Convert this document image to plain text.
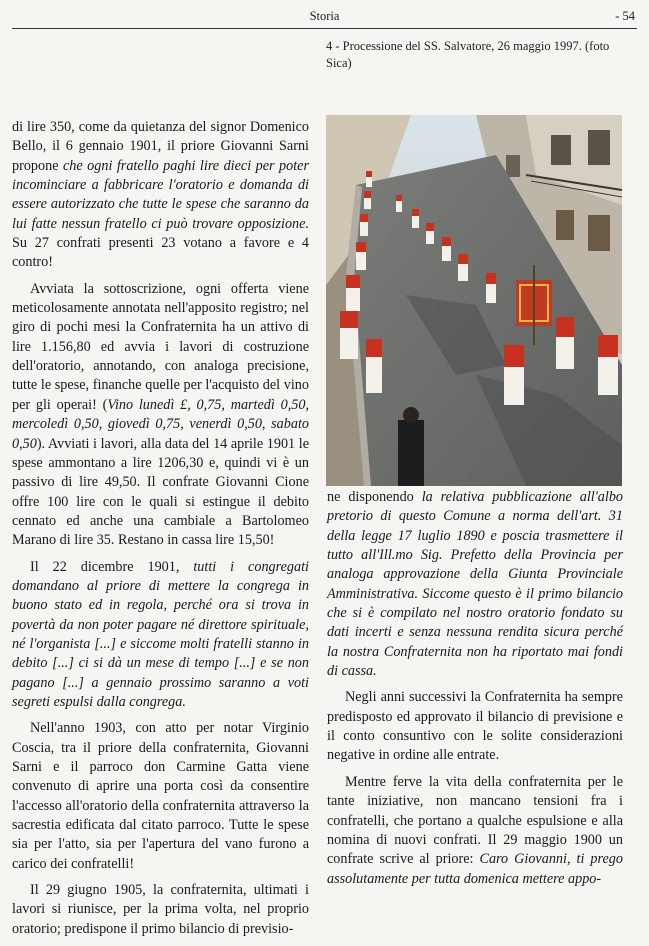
Storia	- 54
4 - Processione del SS. Salvatore, 26 maggio 1997. (foto Sica)

di lire 350, come da quietanza del signor Domenico Bello, il 6 gennaio 1901, il priore Giovanni Sarni propone che ogni fratello paghi lire dieci per poter incominciare a fabbricare l'oratorio e domanda di essere autorizzato che tutte le spese che saranno da lui fatte nessun fratello ci può trovare opposizione. Su 27 confrati presenti 23 votano a favore e 4 contro!

Avviata la sottoscrizione, ogni offerta viene meticolosamente annotata nell'apposito registro; nel giro di pochi mesi la Confraternita ha un attivo di lire 1.156,80 ed avvia i lavori di costruzione dell'oratorio, annotando, con analoga precisione, tutte le spese, finanche quelle per l'acquisto del vino per gli operai! (Vino lunedì £, 0,75, martedì 0,50, mercoledì 0,50, giovedì 0,75, venerdì 0,50, sabato 0,50). Avviati i lavori, alla data del 14 aprile 1901 le spese ammontano a lire 1206,30 e, quindi vi è un passivo di lire 49,50. Il confrate Giovanni Cione offre 100 lire con le quali si estingue il debito cennato ed anche una cambiale a Bartolomeo Marano di lire 35. Restano in cassa lire 15,50!

Il 22 dicembre 1901, tutti i congregati domandano al priore di mettere la congrega in buono stato ed in regola, perché ora si trova in povertà da non poter pagare né direttore spirituale, né l'organista [...] e siccome molti fratelli stanno in debito [...] ci si dà un mese di tempo [...] e se non pagano [...] a gennaio prossimo saranno a voti segreti espulsi dalla congrega.

Nell'anno 1903, con atto per notar Virginio Coscia, tra il priore della confraternita, Giovanni Sarni e il parroco don Carmine Gatta viene convenuto di aprire una porta così da consentire l'accesso all'oratorio della confraternita attraverso la sacrestia edificata dal citato parroco. Tutte le spese sia per l'atto, sia per l'apertura del vano furono a carico dei confratelli!

Il 29 giugno 1905, la confraternita, ultimati i lavori si riunisce, per la prima volta, nel proprio oratorio; predispone il primo bilancio di previsio-

ne disponendo la relativa pubblicazione all'albo pretorio di questo Comune a norma dell'art. 31 della legge 17 luglio 1890 e poscia trasmettere il tutto all'Ill.mo Sig. Prefetto della Provincia per analoga approvazione della Giunta Provinciale Amministrativa. Siccome questo è il primo bilancio che si è compilato nel nostro oratorio fondato su dati incerti e senza nessuna rendita sicura perché la nostra Confraternita non ha riportato mai fondi di cassa.

Negli anni successivi la Confraternita ha sempre predisposto ed approvato il bilancio di previsione e il conto consuntivo con le solite considerazioni negative in ordine alle entrate.

Mentre ferve la vita della confraternita per le tante iniziative, non mancano tensioni fra i confratelli, che portano a qualche espulsione e alla nomina di nuovi confrati. Il 29 maggio 1900 un confrate scrive al priore: Caro Giovanni, ti prego assolutamente per tutta domenica mettere appo-
